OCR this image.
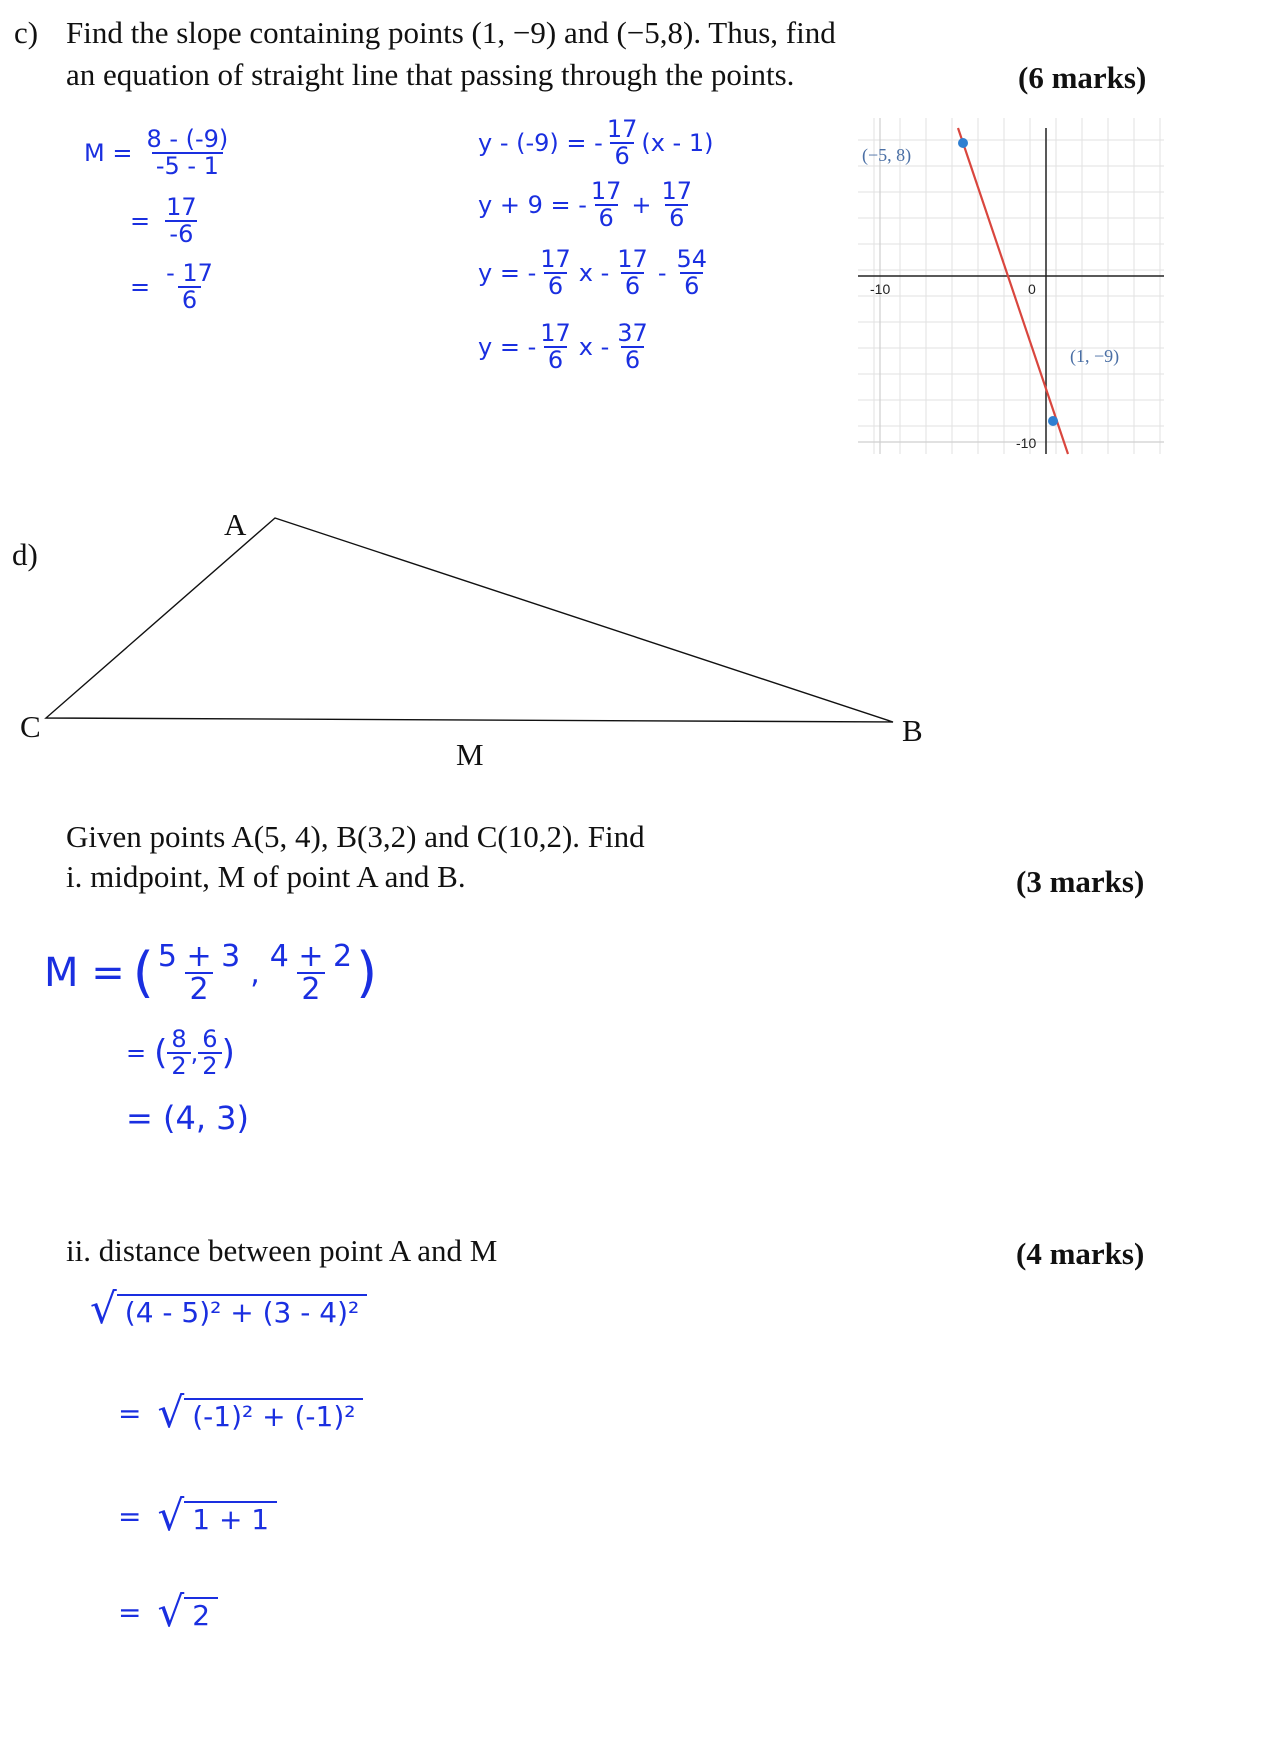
c) Find the slope containing points (1, −9) and (−5,8). Thus, find
an equation of straight line that passing through the points.	(6 marks)
$M = \frac{8 - (-9)}{-5 - 1}$
= $\frac{17}{-6}$
= $\frac{- 17}{6}$
y - (-9) = - $\frac{17}{6} (x - 1)$
y + 9 = - $\frac{17}{6} + \frac{17}{6}$
y = - $\frac{17}{6}$ x - $\frac{17}{6} - \frac{54}{6}$
y = - $\frac{17}{6}$ x - $\frac{37}{6}$
(−5, 8)
(1, −9)
-10	0
-10
d)
A
B
C
M
Given points A(5, 4), B(3,2) and C(10,2). Find
i. midpoint, M of point A and B.	(3 marks)
M = ( $\frac{5 + 3}{2}$ , $\frac{4 + 2}{2}$ )
= ( $\frac{8}{2}$ , $\frac{6}{2}$ )
= (4, 3)
ii. distance between point A and M	(4 marks)
√ (4 - 5)² + (3 - 4)²
= √ (-1)² + (-1)²
= √ 1 + 1
= √ 2
